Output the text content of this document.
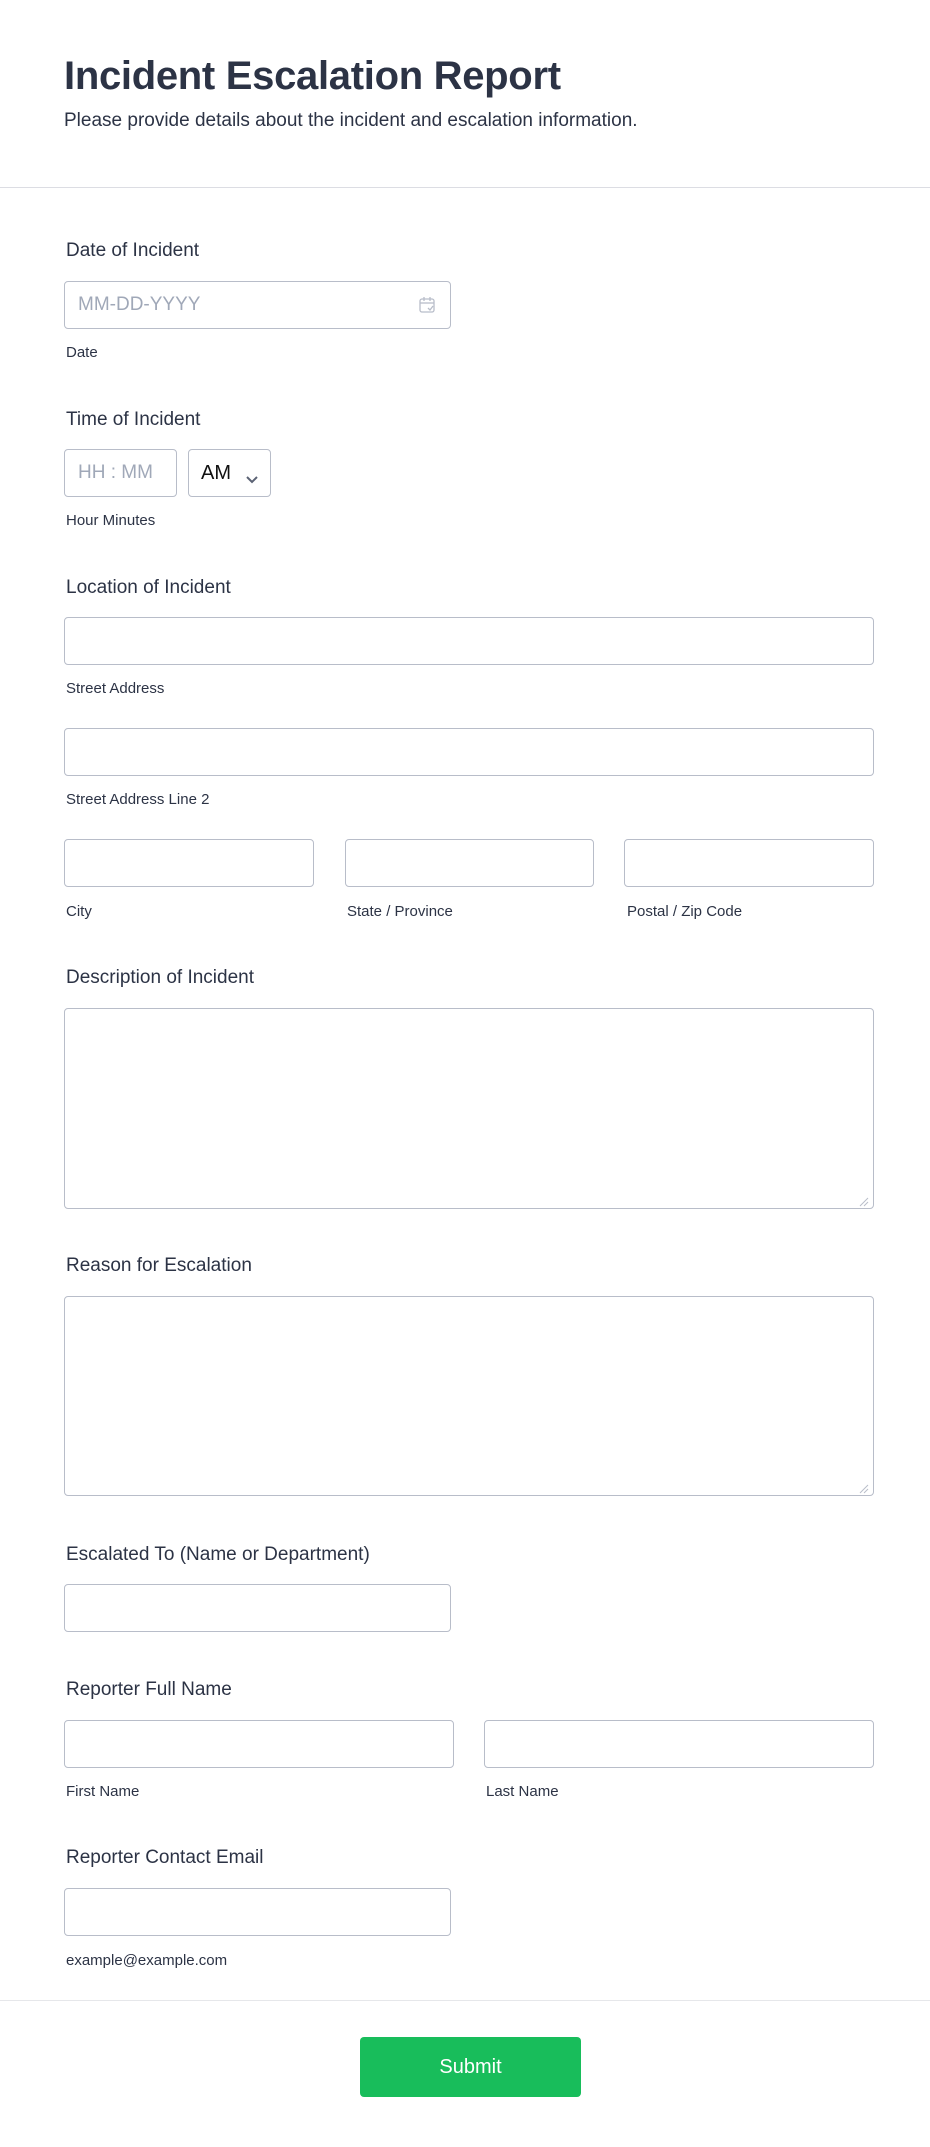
Incident Escalation Report
Please provide details about the incident and escalation information.
Date of Incident
MM-DD-YYYY
Date
Time of Incident
HH : MM
AM
Hour Minutes
Location of Incident
Street Address
Street Address Line 2
City	State / Province	Postal / Zip Code
Description of Incident
Reason for Escalation
Escalated To (Name or Department)
Reporter Full Name
First Name	Last Name
Reporter Contact Email
example@example.com
Submit
